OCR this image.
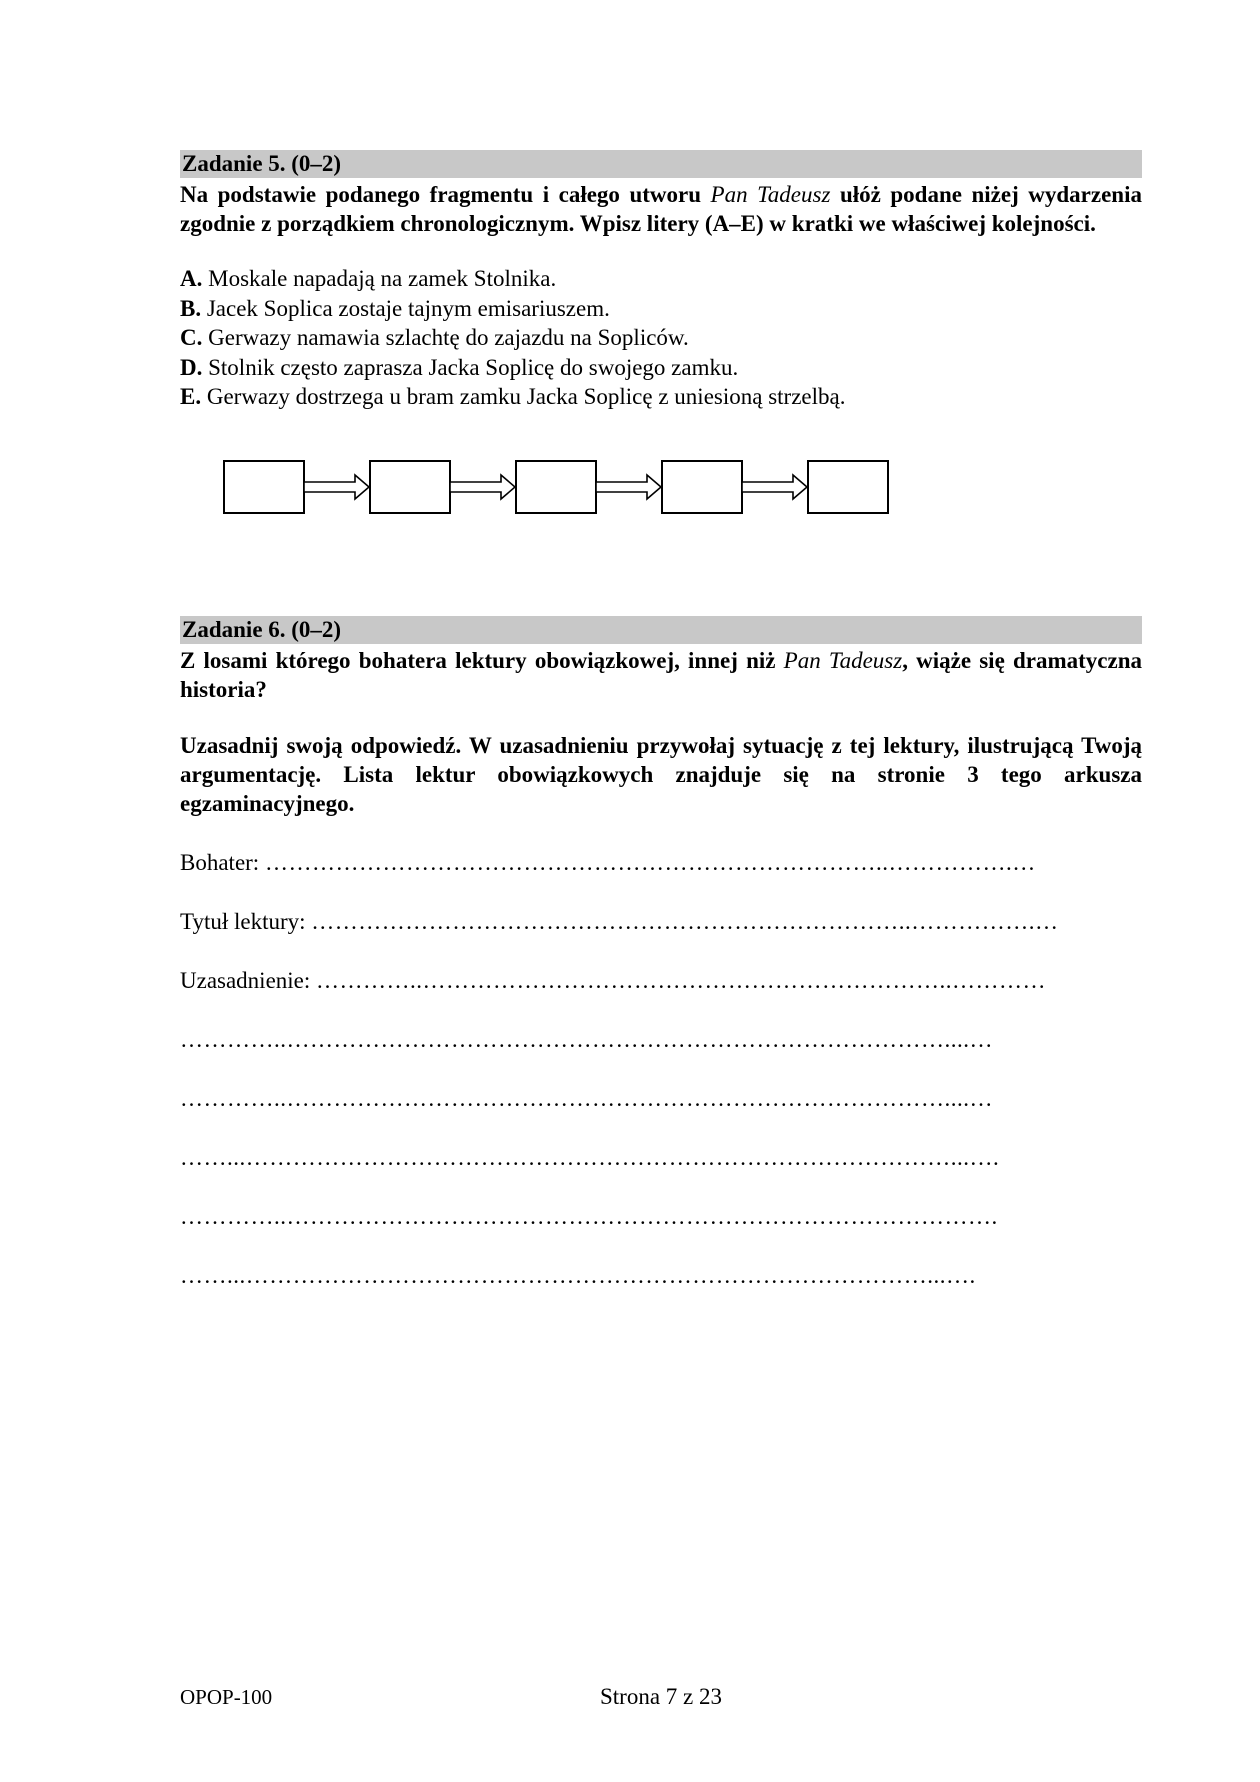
Zadanie 5. (0–2)
Na podstawie podanego fragmentu i całego utworu Pan Tadeusz ułóż podane niżej wydarzenia zgodnie z porządkiem chronologicznym. Wpisz litery (A–E) w kratki we właściwej kolejności.
A. Moskale napadają na zamek Stolnika.
B. Jacek Soplica zostaje tajnym emisariuszem.
C. Gerwazy namawia szlachtę do zajazdu na Sopliców.
D. Stolnik często zaprasza Jacka Soplicę do swojego zamku.
E. Gerwazy dostrzega u bram zamku Jacka Soplicę z uniesioną strzelbą.
Zadanie 6. (0–2)
Z losami którego bohatera lektury obowiązkowej, innej niż Pan Tadeusz, wiąże się dramatyczna historia?
Uzasadnij swoją odpowiedź. W uzasadnieniu przywołaj sytuację z tej lektury, ilustrującą Twoją argumentację. Lista lektur obowiązkowych znajduje się na stronie 3 tego arkusza egzaminacyjnego.
Bohater: ……………………………………………………………………..…………….…
Tytuł lektury: …………………………………………………………………..…………….…
Uzasadnienie: …………..…………………………………………………………..…………
…………..…………………………………………………………………………....…
…………..…………………………………………………………………………....…
……...………………………………………………………………………………...….
…………..……………………………………………………………………………….
……...……………………………………………………………………………...….
OPOP-100	Strona 7 z 23
